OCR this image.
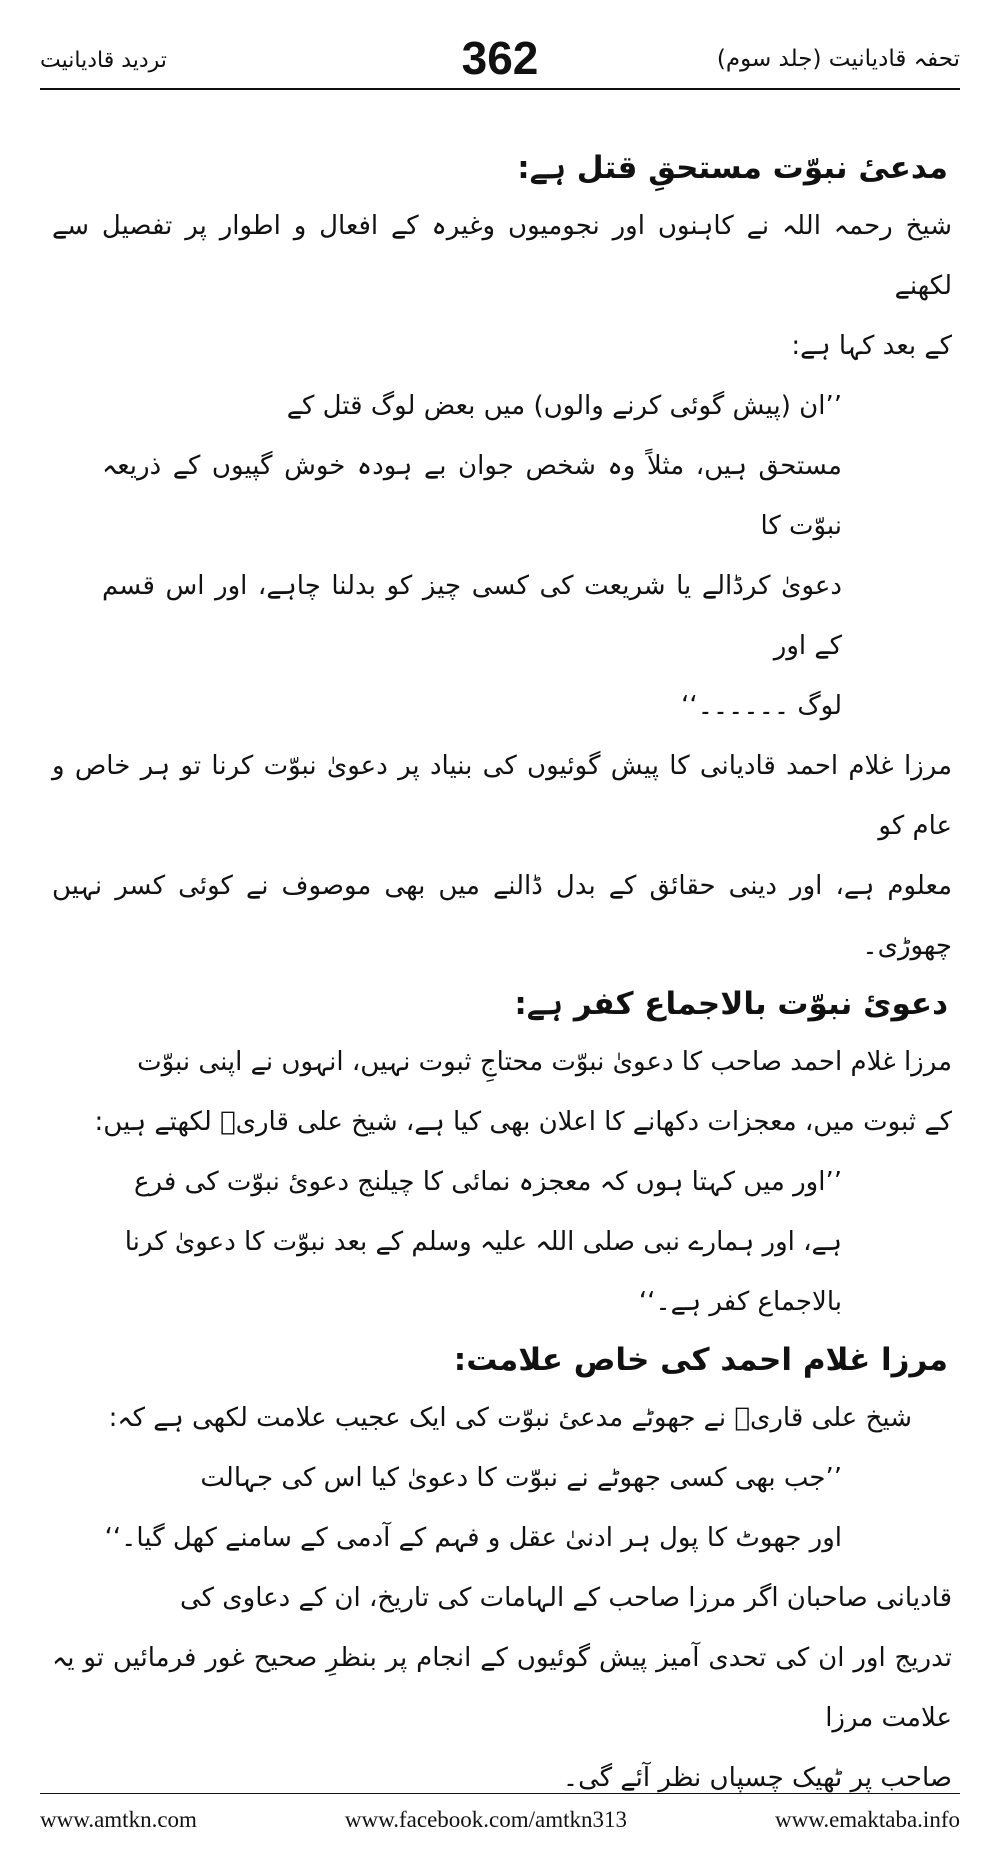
تردید قادیانیت	362	تحفہ قادیانیت (جلد سوم)
مدعیٔ نبوّت مستحقِ قتل ہے:
شیخ رحمہ اللہ نے کاہنوں اور نجومیوں وغیرہ کے افعال و اطوار پر تفصیل سے لکھنے
کے بعد کہا ہے:
’’ان (پیش گوئی کرنے والوں) میں بعض لوگ قتل کے
مستحق ہیں، مثلاً وہ شخص جوان بے ہودہ خوش گپیوں کے ذریعہ نبوّت کا
دعویٰ کرڈالے یا شریعت کی کسی چیز کو بدلنا چاہے، اور اس قسم کے اور
لوگ ۔۔۔۔۔۔‘‘
مرزا غلام احمد قادیانی کا پیش گوئیوں کی بنیاد پر دعویٰ نبوّت کرنا تو ہر خاص و عام کو
معلوم ہے، اور دینی حقائق کے بدل ڈالنے میں بھی موصوف نے کوئی کسر نہیں چھوڑی۔
دعویٔ نبوّت بالاجماع کفر ہے:
مرزا غلام احمد صاحب کا دعویٰ نبوّت محتاجِ ثبوت نہیں، انہوں نے اپنی نبوّت
کے ثبوت میں، معجزات دکھانے کا اعلان بھی کیا ہے، شیخ علی قاریؒ لکھتے ہیں:
’’اور میں کہتا ہوں کہ معجزہ نمائی کا چیلنج دعویٔ نبوّت کی فرع
ہے، اور ہمارے نبی صلی اللہ علیہ وسلم کے بعد نبوّت کا دعویٰ کرنا
بالاجماع کفر ہے۔‘‘
مرزا غلام احمد کی خاص علامت:
شیخ علی قاریؒ نے جھوٹے مدعیٔ نبوّت کی ایک عجیب علامت لکھی ہے کہ:
’’جب بھی کسی جھوٹے نے نبوّت کا دعویٰ کیا اس کی جہالت
اور جھوٹ کا پول ہر ادنیٰ عقل و فہم کے آدمی کے سامنے کھل گیا۔‘‘
قادیانی صاحبان اگر مرزا صاحب کے الہامات کی تاریخ، ان کے دعاوی کی
تدریج اور ان کی تحدی آمیز پیش گوئیوں کے انجام پر بنظرِ صحیح غور فرمائیں تو یہ علامت مرزا
صاحب پر ٹھیک چسپاں نظر آئے گی۔
www.amtkn.com	www.facebook.com/amtkn313	www.emaktaba.info
